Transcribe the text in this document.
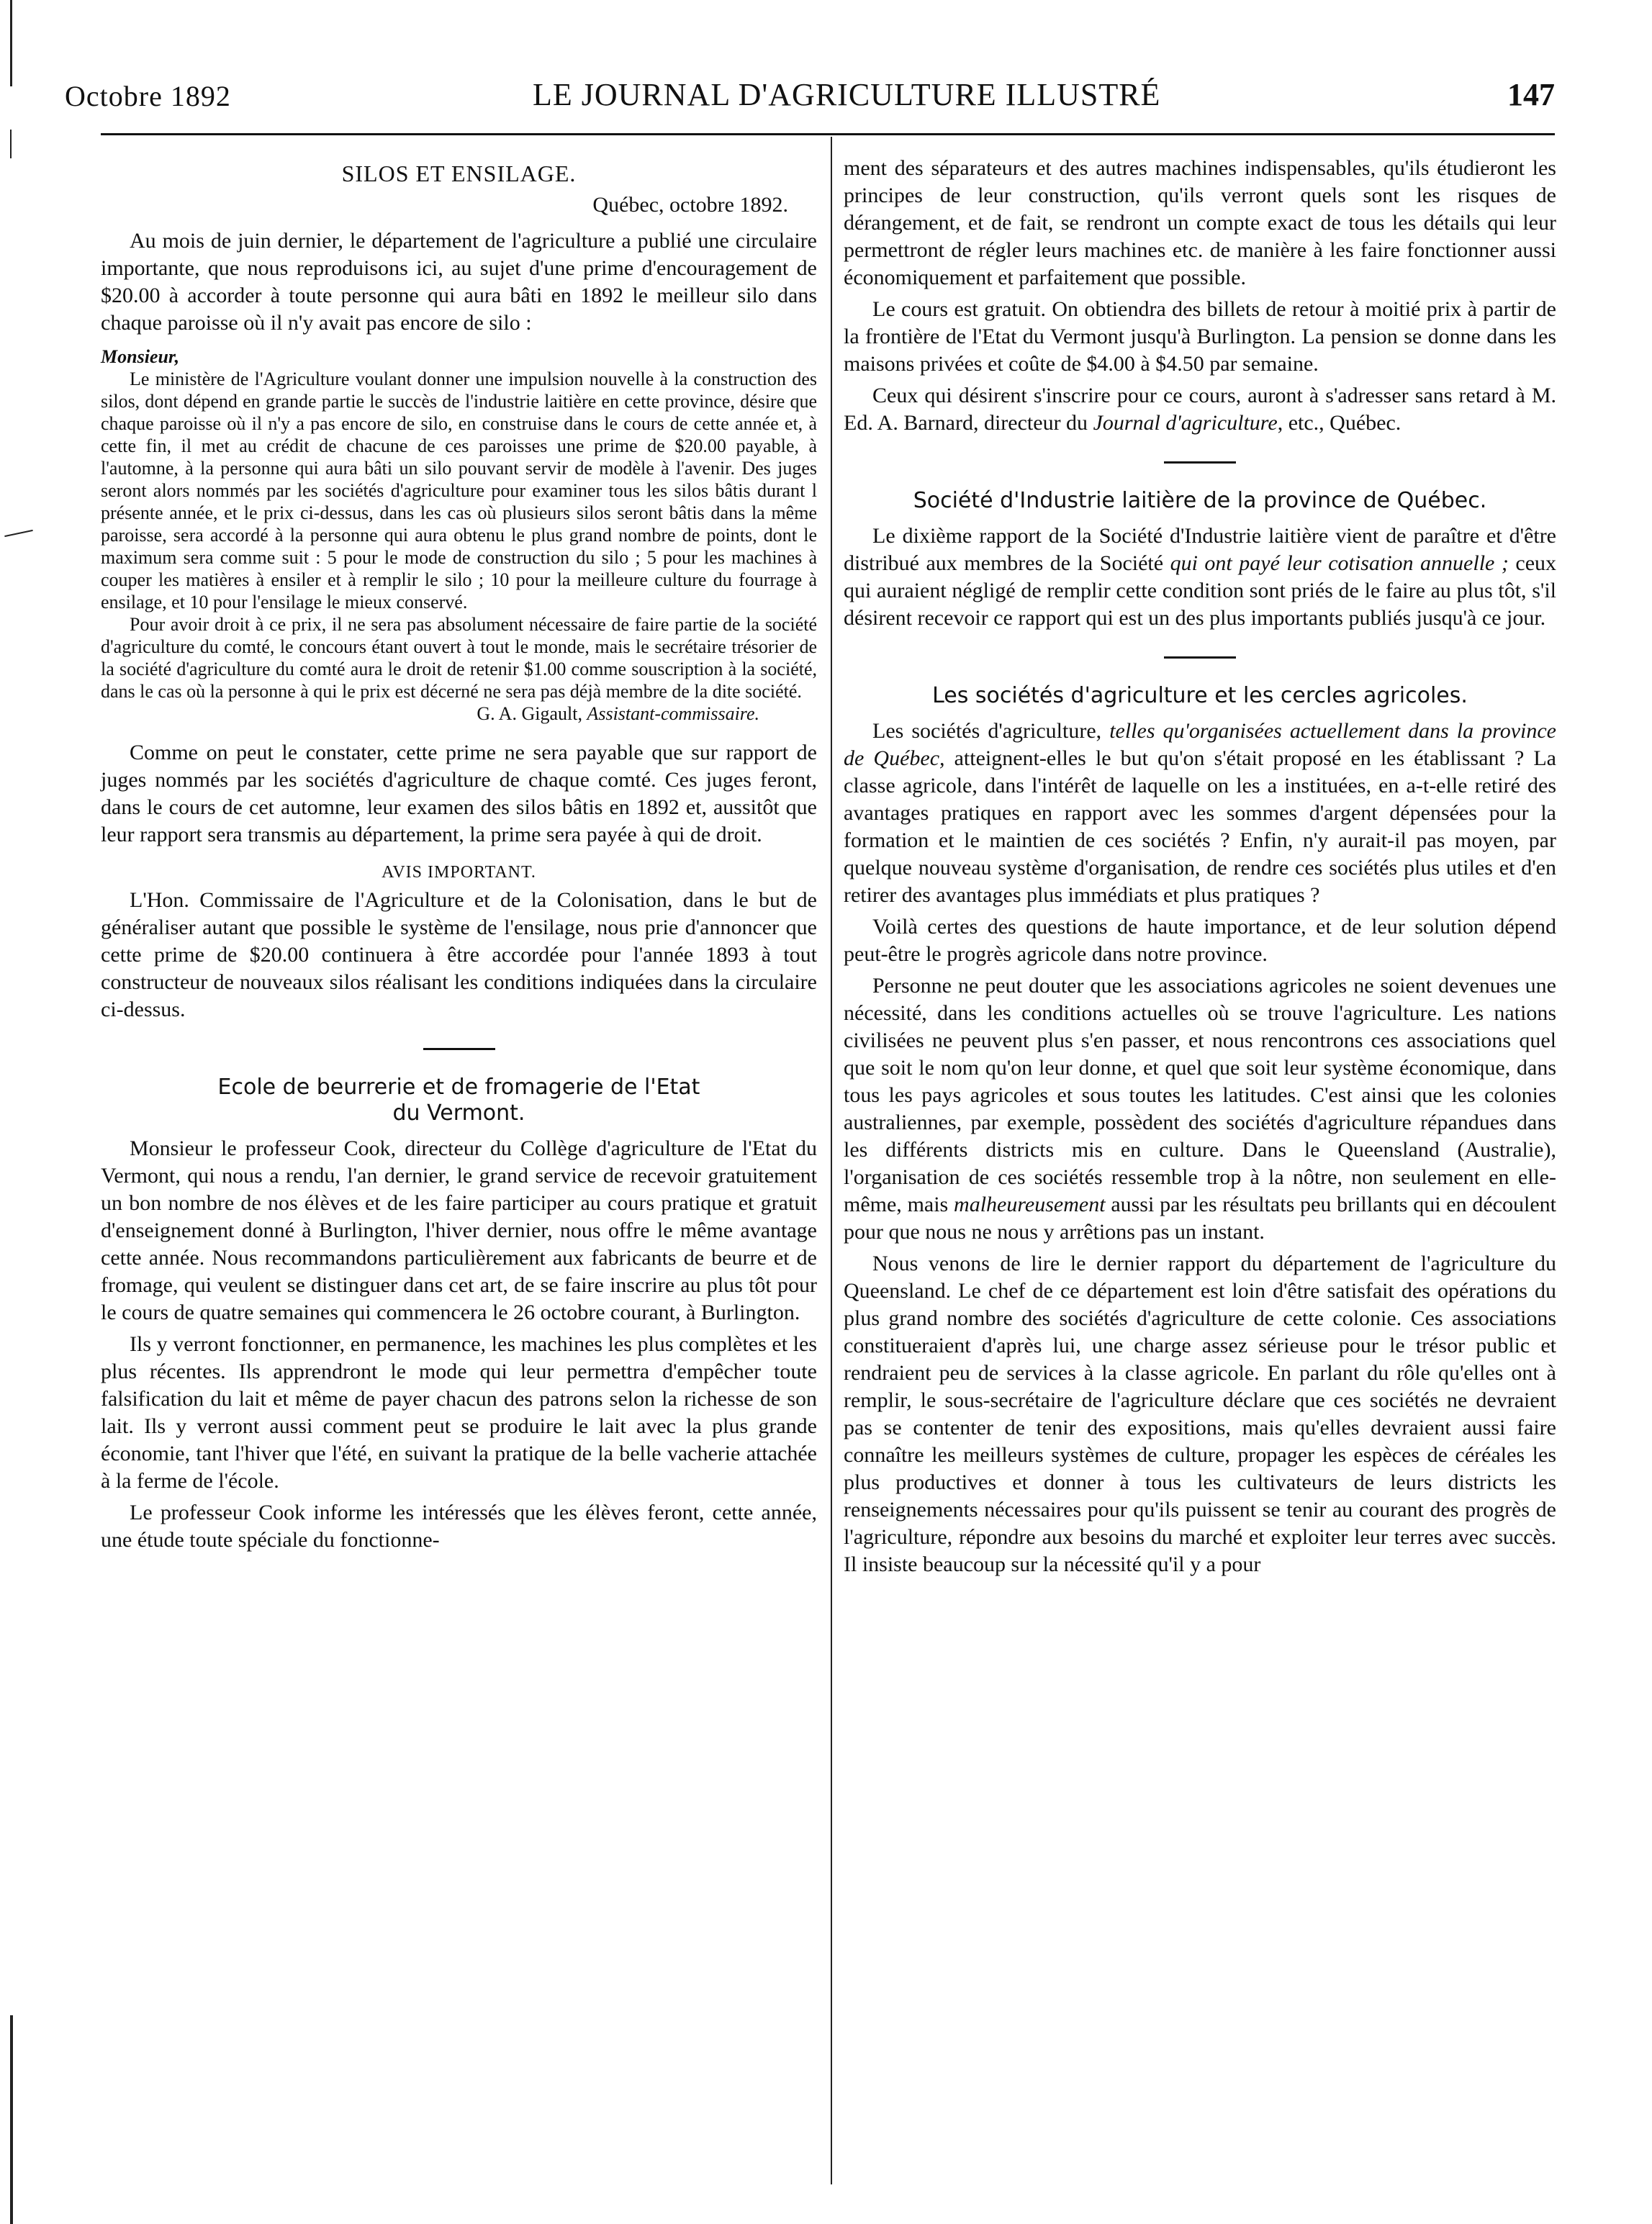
Octobre 1892	LE JOURNAL D'AGRICULTURE ILLUSTRÉ	147
SILOS ET ENSILAGE.

Québec, octobre 1892.

Au mois de juin dernier, le département de l'agriculture a publié une circulaire importante, que nous reproduisons ici, au sujet d'une prime d'encouragement de $20.00 à accorder à toute personne qui aura bâti en 1892 le meilleur silo dans chaque paroisse où il n'y avait pas encore de silo :

Monsieur,

Le ministère de l'Agriculture voulant donner une impulsion nouvelle à la construction des silos, dont dépend en grande partie le succès de l'industrie laitière en cette province, désire que chaque paroisse où il n'y a pas encore de silo, en construise dans le cours de cette année et, à cette fin, il met au crédit de chacune de ces paroisses une prime de $20.00 payable, à l'automne, à la personne qui aura bâti un silo pouvant servir de modèle à l'avenir. Des juges seront alors nommés par les sociétés d'agriculture pour examiner tous les silos bâtis durant l présente année, et le prix ci-dessus, dans les cas où plusieurs silos seront bâtis dans la même paroisse, sera accordé à la personne qui aura obtenu le plus grand nombre de points, dont le maximum sera comme suit : 5 pour le mode de construction du silo ; 5 pour les machines à couper les matières à ensiler et à remplir le silo ; 10 pour la meilleure culture du fourrage à ensilage, et 10 pour l'ensilage le mieux conservé.

Pour avoir droit à ce prix, il ne sera pas absolument nécessaire de faire partie de la société d'agriculture du comté, le concours étant ouvert à tout le monde, mais le secrétaire trésorier de la société d'agriculture du comté aura le droit de retenir $1.00 comme souscription à la société, dans le cas où la personne à qui le prix est décerné ne sera pas déjà membre de la dite société.

G. A. Gigault, Assistant-commissaire.

Comme on peut le constater, cette prime ne sera payable que sur rapport de juges nommés par les sociétés d'agriculture de chaque comté. Ces juges feront, dans le cours de cet automne, leur examen des silos bâtis en 1892 et, aussitôt que leur rapport sera transmis au département, la prime sera payée à qui de droit.

AVIS IMPORTANT.

L'Hon. Commissaire de l'Agriculture et de la Colonisation, dans le but de généraliser autant que possible le système de l'ensilage, nous prie d'annoncer que cette prime de $20.00 continuera à être accordée pour l'année 1893 à tout constructeur de nouveaux silos réalisant les conditions indiquées dans la circulaire ci-dessus.

Ecole de beurrerie et de fromagerie de l'Etat
du Vermont.

Monsieur le professeur Cook, directeur du Collège d'agriculture de l'Etat du Vermont, qui nous a rendu, l'an dernier, le grand service de recevoir gratuitement un bon nombre de nos élèves et de les faire participer au cours pratique et gratuit d'enseignement donné à Burlington, l'hiver dernier, nous offre le même avantage cette année. Nous recommandons particulièrement aux fabricants de beurre et de fromage, qui veulent se distinguer dans cet art, de se faire inscrire au plus tôt pour le cours de quatre semaines qui commencera le 26 octobre courant, à Burlington.

Ils y verront fonctionner, en permanence, les machines les plus complètes et les plus récentes. Ils apprendront le mode qui leur permettra d'empêcher toute falsification du lait et même de payer chacun des patrons selon la richesse de son lait. Ils y verront aussi comment peut se produire le lait avec la plus grande économie, tant l'hiver que l'été, en suivant la pratique de la belle vacherie attachée à la ferme de l'école.

Le professeur Cook informe les intéressés que les élèves feront, cette année, une étude toute spéciale du fonctionne-

ment des séparateurs et des autres machines indispensables, qu'ils étudieront les principes de leur construction, qu'ils verront quels sont les risques de dérangement, et de fait, se rendront un compte exact de tous les détails qui leur permettront de régler leurs machines etc. de manière à les faire fonctionner aussi économiquement et parfaitement que possible.

Le cours est gratuit. On obtiendra des billets de retour à moitié prix à partir de la frontière de l'Etat du Vermont jusqu'à Burlington. La pension se donne dans les maisons privées et coûte de $4.00 à $4.50 par semaine.

Ceux qui désirent s'inscrire pour ce cours, auront à s'adresser sans retard à M. Ed. A. Barnard, directeur du Journal d'agriculture, etc., Québec.

Société d'Industrie laitière de la province de Québec.

Le dixième rapport de la Société d'Industrie laitière vient de paraître et d'être distribué aux membres de la Société qui ont payé leur cotisation annuelle ; ceux qui auraient négligé de remplir cette condition sont priés de le faire au plus tôt, s'il désirent recevoir ce rapport qui est un des plus importants publiés jusqu'à ce jour.

Les sociétés d'agriculture et les cercles agricoles.

Les sociétés d'agriculture, telles qu'organisées actuellement dans la province de Québec, atteignent-elles le but qu'on s'était proposé en les établissant ? La classe agricole, dans l'intérêt de laquelle on les a instituées, en a-t-elle retiré des avantages pratiques en rapport avec les sommes d'argent dépensées pour la formation et le maintien de ces sociétés ? Enfin, n'y aurait-il pas moyen, par quelque nouveau système d'organisation, de rendre ces sociétés plus utiles et d'en retirer des avantages plus immédiats et plus pratiques ?

Voilà certes des questions de haute importance, et de leur solution dépend peut-être le progrès agricole dans notre province.

Personne ne peut douter que les associations agricoles ne soient devenues une nécessité, dans les conditions actuelles où se trouve l'agriculture. Les nations civilisées ne peuvent plus s'en passer, et nous rencontrons ces associations quel que soit le nom qu'on leur donne, et quel que soit leur système économique, dans tous les pays agricoles et sous toutes les latitudes. C'est ainsi que les colonies australiennes, par exemple, possèdent des sociétés d'agriculture répandues dans les différents districts mis en culture. Dans le Queensland (Australie), l'organisation de ces sociétés ressemble trop à la nôtre, non seulement en elle-même, mais malheureusement aussi par les résultats peu brillants qui en découlent pour que nous ne nous y arrêtions pas un instant.

Nous venons de lire le dernier rapport du département de l'agriculture du Queensland. Le chef de ce département est loin d'être satisfait des opérations du plus grand nombre des sociétés d'agriculture de cette colonie. Ces associations constitueraient d'après lui, une charge assez sérieuse pour le trésor public et rendraient peu de services à la classe agricole. En parlant du rôle qu'elles ont à remplir, le sous-secrétaire de l'agriculture déclare que ces sociétés ne devraient pas se contenter de tenir des expositions, mais qu'elles devraient aussi faire connaître les meilleurs systèmes de culture, propager les espèces de céréales les plus productives et donner à tous les cultivateurs de leurs districts les renseignements nécessaires pour qu'ils puissent se tenir au courant des progrès de l'agriculture, répondre aux besoins du marché et exploiter leur terres avec succès. Il insiste beaucoup sur la nécessité qu'il y a pour
